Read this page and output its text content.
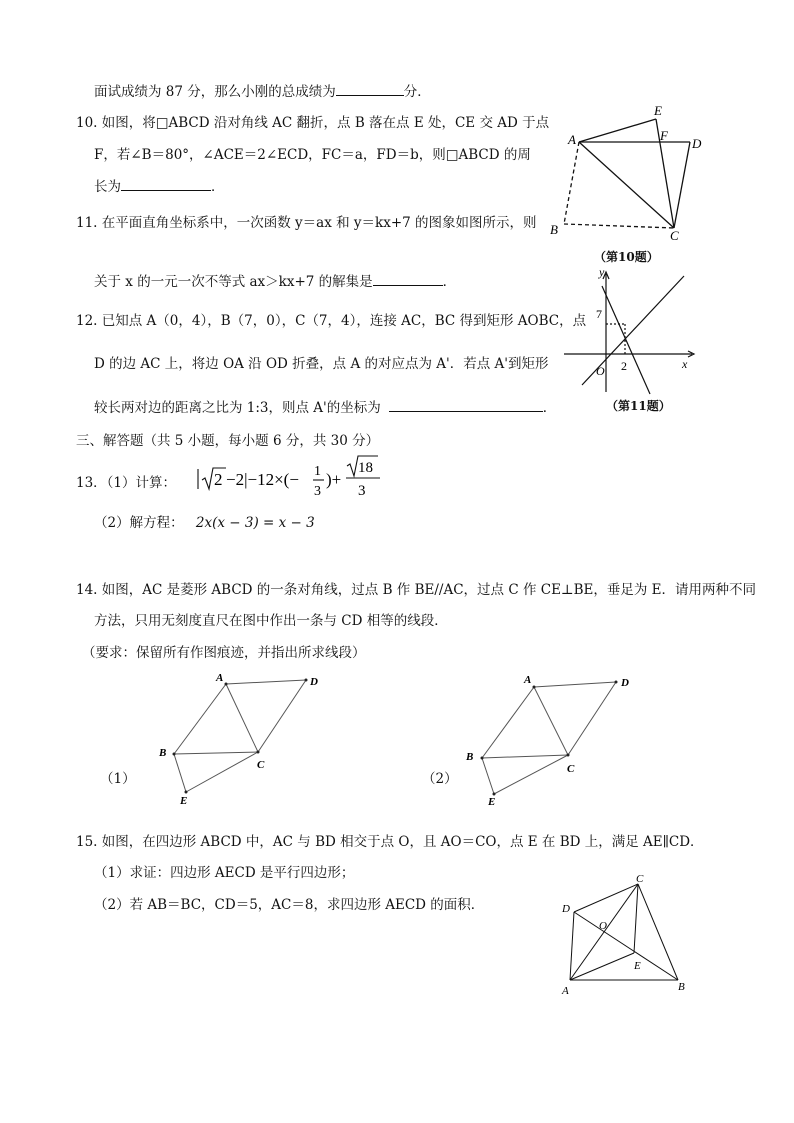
面试成绩为 87 分，那么小刚的总成绩为	分．
10. 如图，将□ABCD 沿对角线 AC 翻折，点 B 落在点 E 处，CE 交 AD 于点
F，若∠B＝80°，∠ACE＝2∠ECD，FC＝a，FD＝b，则□ABCD 的周
长为	．
A
E
F
D
B	C
（第10题）
11. 在平面直角坐标系中，一次函数 y＝ax 和 y＝kx+7 的图象如图所示，则
关于 x 的一元一次不等式 ax＞kx+7 的解集是	．
y
x
O
7
2
（第11题）
12. 已知点 A（0，4），B（7，0），C（7，4），连接 AC，BC 得到矩形 AOBC，点
D 的边 AC 上，将边 OA 沿 OD 折叠，点 A 的对应点为 A'．若点 A'到矩形
较长两对边的距离之比为 1:3，则点 A'的坐标为	．
三、解答题（共 5 小题，每小题 6 分，共 30 分）
13．（1）计算： 2 −2|−12×(− 1
3
)+
18
3
（2）解方程： 2x(x − 3) = x − 3
14. 如图，AC 是菱形 ABCD 的一条对角线，过点 B 作 BE//AC，过点 C 作 CE⊥BE，垂足为 E．请用两种不同
方法，只用无刻度直尺在图中作出一条与 CD 相等的线段．
（要求：保留所有作图痕迹，并指出所求线段）
A	D
B
C
E
（1）
A	D
B
C
E
（2）
15. 如图，在四边形 ABCD 中，AC 与 BD 相交于点 O，且 AO＝CO，点 E 在 BD 上，满足 AE∥CD．
（1）求证：四边形 AECD 是平行四边形；
（2）若 AB＝BC，CD＝5，AC＝8，求四边形 AECD 的面积．
A	B
C
D
E
O
